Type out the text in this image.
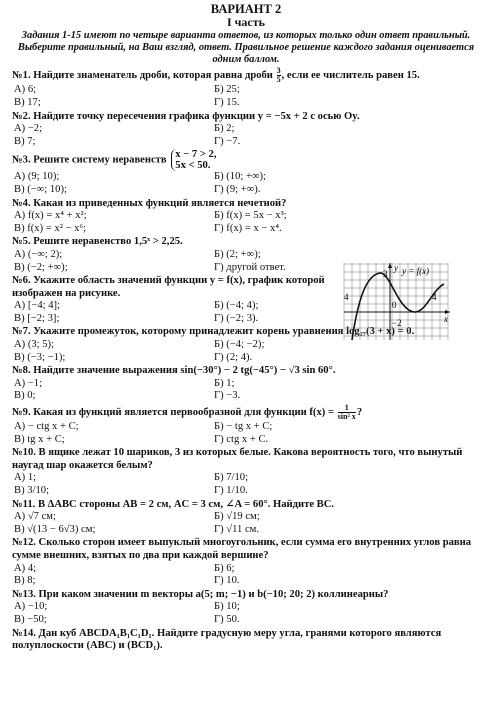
ВАРИАНТ 2
I часть
Задания 1-15 имеют по четыре варианта ответов, из которых только один ответ правильный. Выберите правильный, на Ваш взгляд, ответ. Правильное решение каждого задания оценивается одним баллом.
№1. Найдите знаменатель дроби, которая равна дроби $\frac{3}{5}$ , если ее числитель равен 15.
А) 6;	Б) 25;
В) 17;	Г) 15.
№2. Найдите точку пересечения графика функции y = −5x + 2 с осью Oy.
А) −2;	Б) 2;
В) 7;	Г) −7.
№3. Решите систему неравенств x − 7 > 2,
5x < 50.
А) (9; 10);	Б) (10; +∞);
В) (−∞; 10);	Г) (9; +∞).
№4. Какая из приведенных функций является нечетной?
А) f(x) = x⁴ + x²;	Б) f(x) = 5x − x³;
В) f(x) = x² − x⁶;	Г) f(x) = x − x⁴.
№5. Решите неравенство 1,5ˣ > 2,25.
А) (−∞; 2);	Б) (2; +∞);
В) (−2; +∞);	Г) другой ответ.
№6. Укажите область значений функции y = f(x), график которой изображен на рисунке.
А) [−4; 4];	Б) (−4; 4);
В) [−2; 3];	Г) (−2; 3).
№7. Укажите промежуток, которому принадлежит корень уравнения log₂₇(3 + x) = 0.
А) (3; 5);	Б) (−4; −2);
В) (−3; −1);	Г) (2; 4).
№8. Найдите значение выражения sin(−30°) − 2 tg(−45°) − √3 sin 60°.
А) −1;	Б) 1;
В) 0;	Г) −3.
№9. Какая из функций является первообразной для функции $f(x) = \frac{1}{\text{sin² x}}$ ?
А) − ctg x + C;	Б) − tg x + C;
В) tg x + C;	Г) ctg x + C.
№10. В ящике лежат 10 шариков, 3 из которых белые. Какова вероятность того, что вынутый наугад шар окажется белым?
А) 1;	Б) 7/10;
В) 3/10;	Г) 1/10.
№11. В ΔABC стороны AB = 2 см, AC = 3 см, ∠A = 60°. Найдите BC.
А) √7 см;	Б) √19 см;
В) √(13 − 6√3) см;	Г) √11 см.
№12. Сколько сторон имеет выпуклый многоугольник, если сумма его внутренних углов равна сумме внешних, взятых по два при каждой вершине?
А) 4;	Б) 6;
В) 8;	Г) 10.
№13. При каком значении m векторы a(5; m; −1) и b(−10; 20; 2) коллинеарны?
А) −10;	Б) 10;
В) −50;	Г) 50.
№14. Дан куб ABCDA₁B₁C₁D₁. Найдите градусную меру угла, гранями которого являются полуплоскости (ABC) и (BCD₁).
y = f(x)
y
x
3
4	4
0
−2
